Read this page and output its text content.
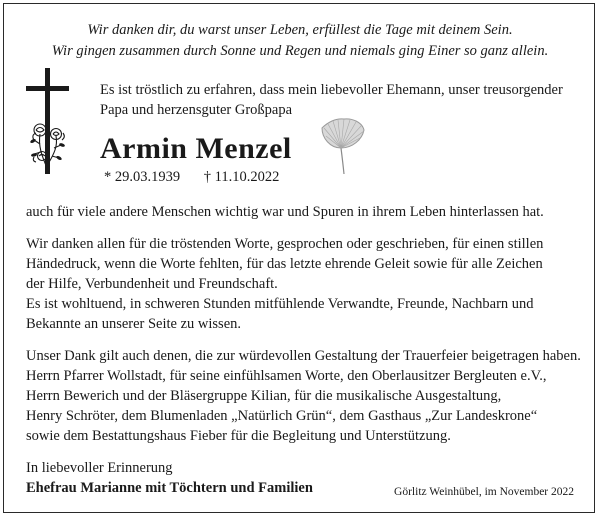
Wir danken dir, du warst unser Leben, erfüllest die Tage mit deinem Sein.
Wir gingen zusammen durch Sonne und Regen und niemals ging Einer so ganz allein.
Es ist tröstlich zu erfahren, dass mein liebevoller Ehemann, unser treusorgender
Papa und herzensguter Großpapa
Armin Menzel
* 29.03.1939 † 11.10.2022
auch für viele andere Menschen wichtig war und Spuren in ihrem Leben hinterlassen hat.
Wir danken allen für die tröstenden Worte, gesprochen oder geschrieben, für einen stillen
Händedruck, wenn die Worte fehlten, für das letzte ehrende Geleit sowie für alle Zeichen
der Hilfe, Verbundenheit und Freundschaft.
Es ist wohltuend, in schweren Stunden mitfühlende Verwandte, Freunde, Nachbarn und
Bekannte an unserer Seite zu wissen.
Unser Dank gilt auch denen, die zur würdevollen Gestaltung der Trauerfeier beigetragen haben.
Herrn Pfarrer Wollstadt, für seine einfühlsamen Worte, den Oberlausitzer Bergleuten e.V.,
Herrn Bewerich und der Bläsergruppe Kilian, für die musikalische Ausgestaltung,
Henry Schröter, dem Blumenladen „Natürlich Grün“, dem Gasthaus „Zur Landeskrone“
sowie dem Bestattungshaus Fieber für die Begleitung und Unterstützung.
In liebevoller Erinnerung
Ehefrau Marianne mit Töchtern und Familien	Görlitz Weinhübel, im November 2022
